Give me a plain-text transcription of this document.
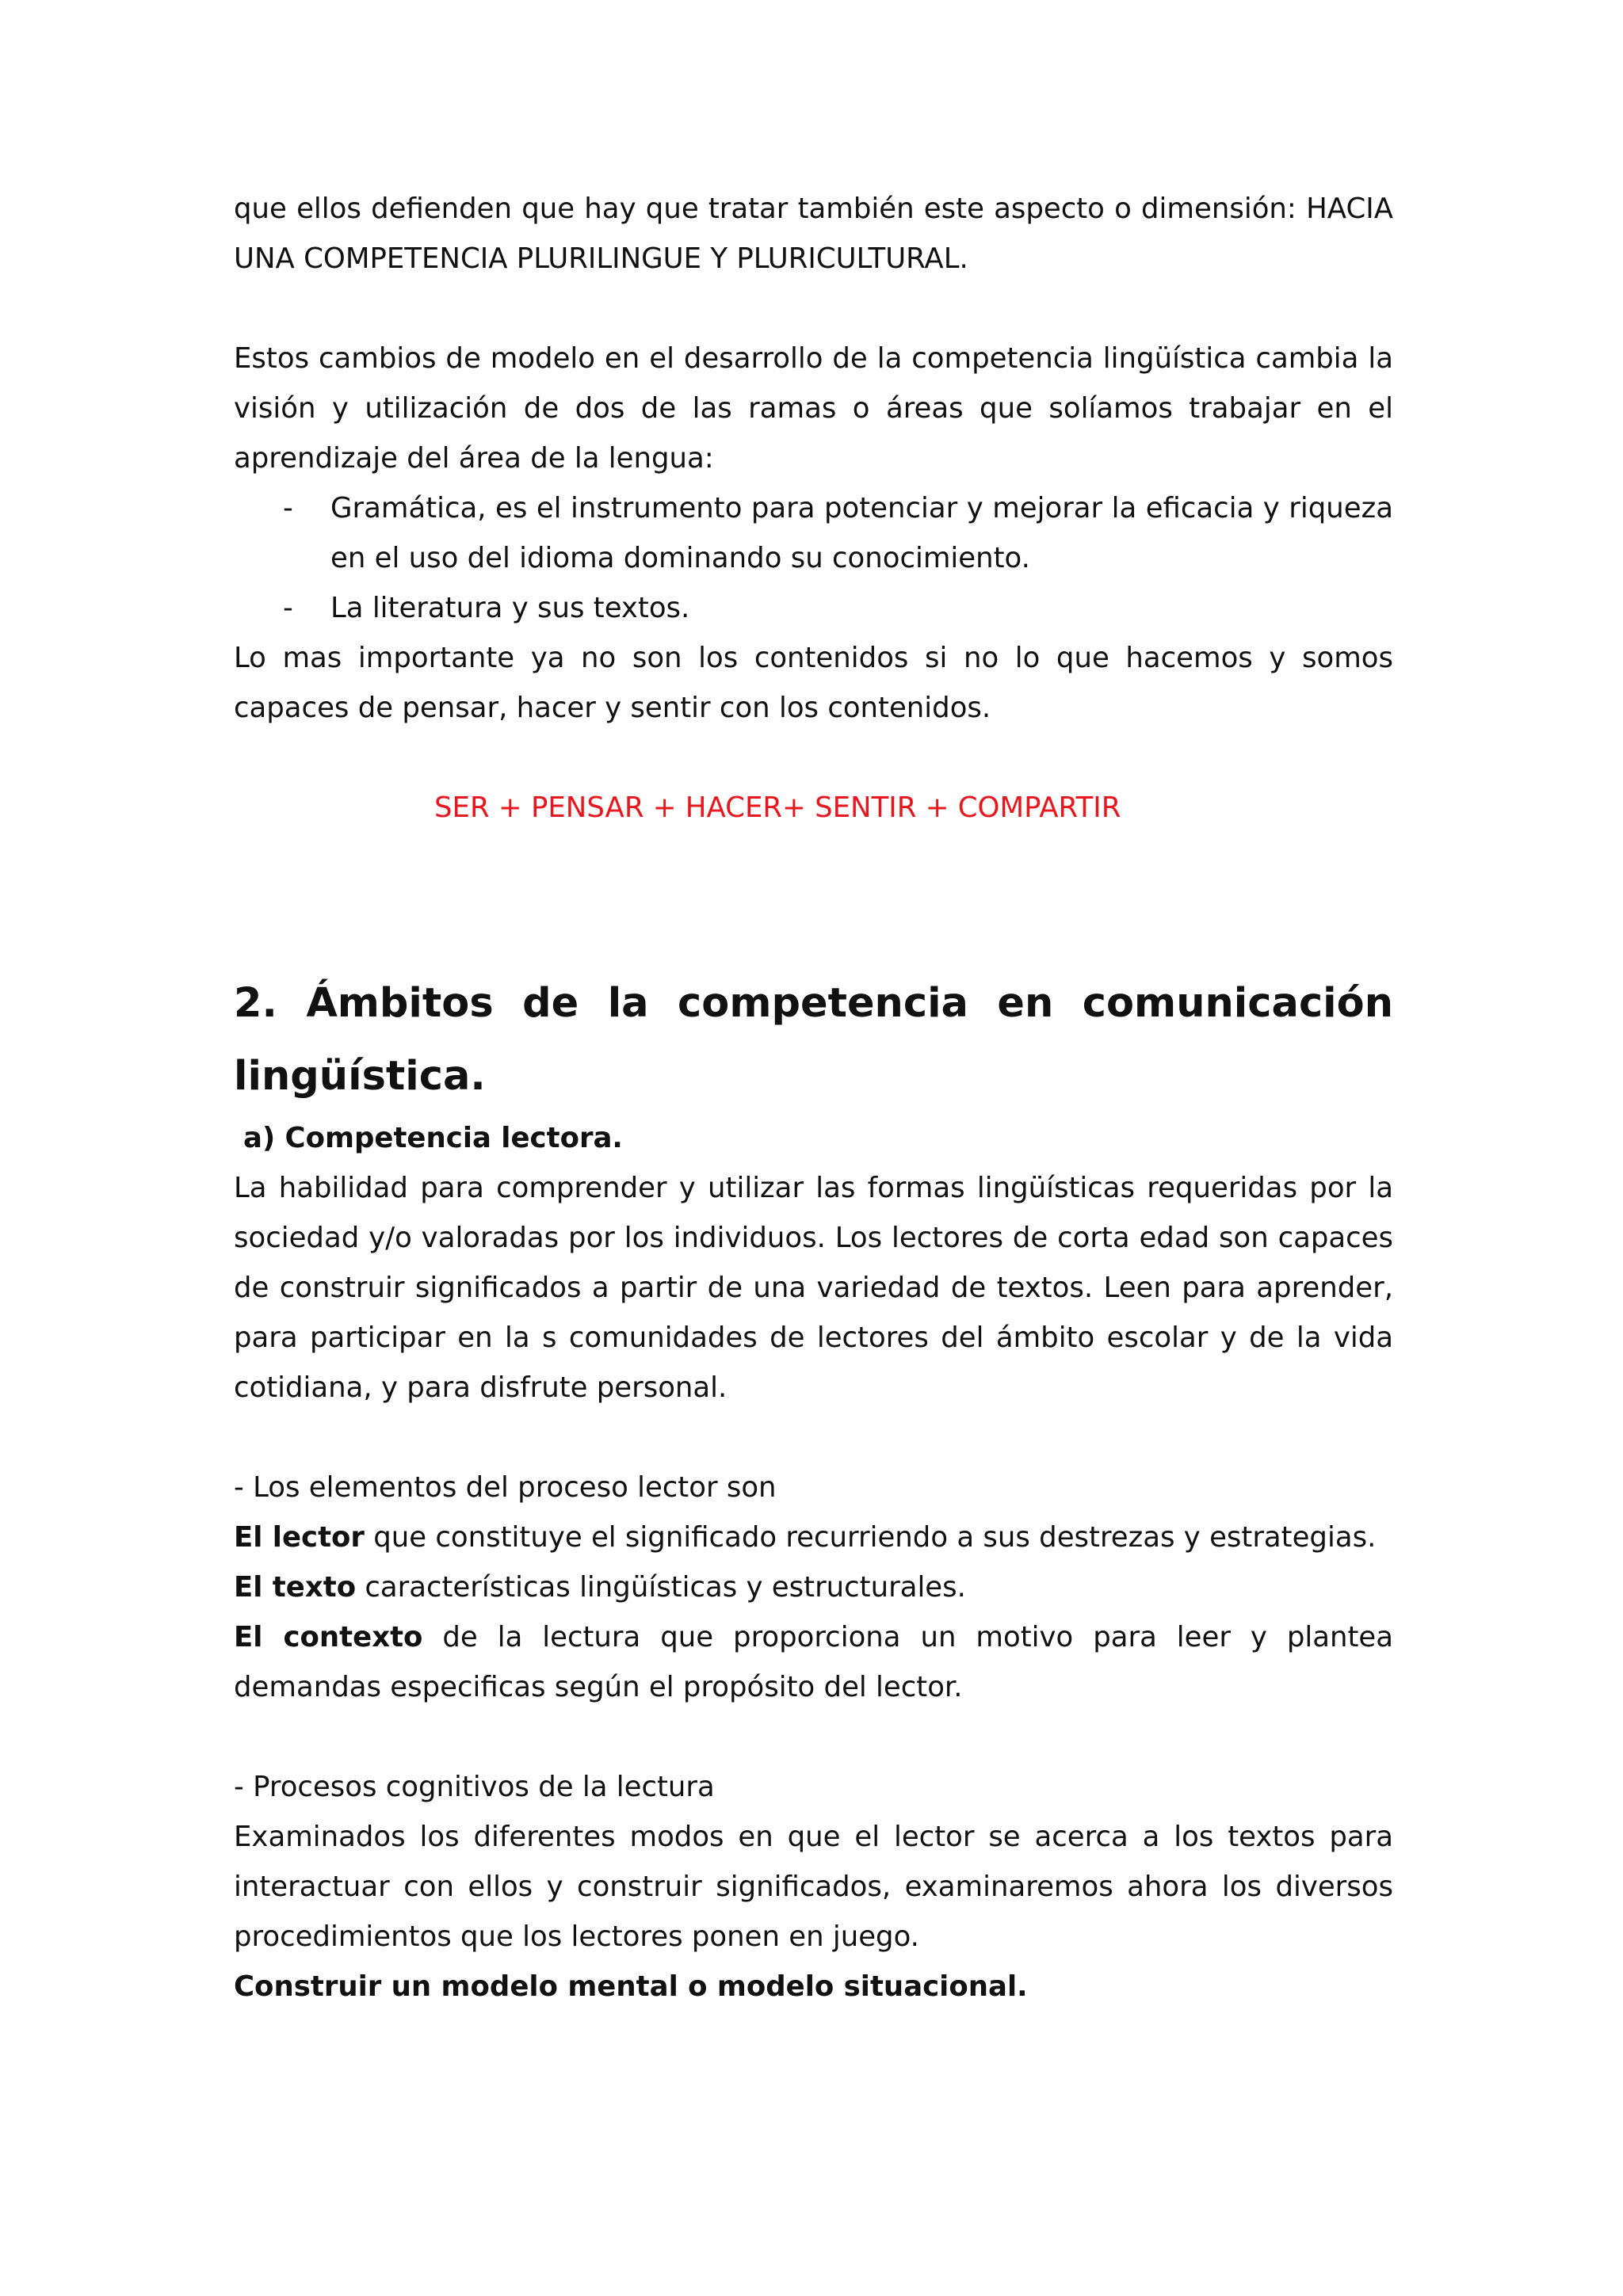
que ellos defienden que hay que tratar también este aspecto o dimensión: HACIA UNA COMPETENCIA PLURILINGUE Y PLURICULTURAL.

Estos cambios de modelo en el desarrollo de la competencia lingüística cambia la visión y utilización de dos de las ramas o áreas que solíamos trabajar en el aprendizaje del área de la lengua:

- Gramática, es el instrumento para potenciar y mejorar la eficacia y riqueza en el uso del idioma dominando su conocimiento.
- La literatura y sus textos.

Lo mas importante ya no son los contenidos si no lo que hacemos y somos capaces de pensar, hacer y sentir con los contenidos.

SER + PENSAR + HACER+ SENTIR + COMPARTIR

2. Ámbitos de la competencia en comunicación
lingüística.

a) Competencia lectora.

La habilidad para comprender y utilizar las formas lingüísticas requeridas por la sociedad y/o valoradas por los individuos. Los lectores de corta edad son capaces de construir significados a partir de una variedad de textos. Leen para aprender, para participar en la s comunidades de lectores del ámbito escolar y de la vida cotidiana, y para disfrute personal.

- Los elementos del proceso lector son

El lector que constituye el significado recurriendo a sus destrezas y estrategias.

El texto características lingüísticas y estructurales.

El contexto de la lectura que proporciona un motivo para leer y plantea demandas especificas según el propósito del lector.

- Procesos cognitivos de la lectura

Examinados los diferentes modos en que el lector se acerca a los textos para interactuar con ellos y construir significados, examinaremos ahora los diversos procedimientos que los lectores ponen en juego.

Construir un modelo mental o modelo situacional.
